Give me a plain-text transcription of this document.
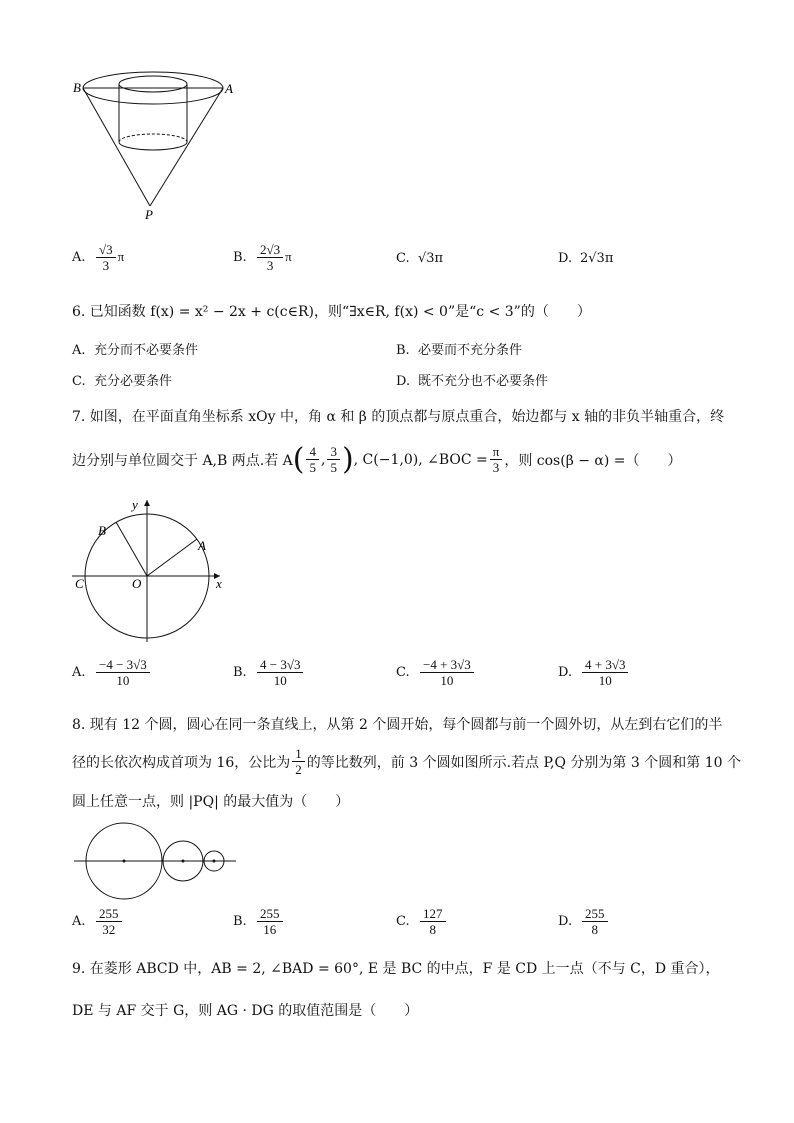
B	A
P
A. $\frac{√3}{3}$ π	B. $\frac{2√3}{3}$ π	C. √3π	D. 2√3π
6. 已知函数 f(x) = x² − 2x + c(c∈R)，则“∃x∈R, f(x) < 0”是“c < 3”的（　　）
A. 充分而不必要条件	B. 必要而不充分条件
C. 充分必要条件	D. 既不充分也不必要条件
7. 如图，在平面直角坐标系 xOy 中，角 α 和 β 的顶点都与原点重合，始边都与 x 轴的非负半轴重合，终
边分别与单位圆交于 A,B 两点.若 A ( $\frac{4}{5}$ , $\frac{3}{5}$ ) , C(−1,0), ∠BOC = $\frac{\pi}{3}$ ，则 cos(β − α) =（　　）
y
x
O
A
B
C
A. $\frac{-4 - 3√3}{10}$	B. $\frac{4 - 3√3}{10}$	C. $\frac{-4 + 3√3}{10}$	D. $\frac{4 + 3√3}{10}$
8. 现有 12 个圆，圆心在同一条直线上，从第 2 个圆开始，每个圆都与前一个圆外切，从左到右它们的半
径的长依次构成首项为 16，公比为 $\frac{1}{2}$ 的等比数列，前 3 个圆如图所示.若点 P,Q 分别为第 3 个圆和第 10 个
圆上任意一点，则 |PQ| 的最大值为（　　）
A. $\frac{255}{32}$	B. $\frac{255}{16}$	C. $\frac{127}{8}$	D. $\frac{255}{8}$
9. 在菱形 ABCD 中，AB = 2, ∠BAD = 60°, E 是 BC 的中点，F 是 CD 上一点（不与 C，D 重合），
DE 与 AF 交于 G，则 AG · DG 的取值范围是（　　）
